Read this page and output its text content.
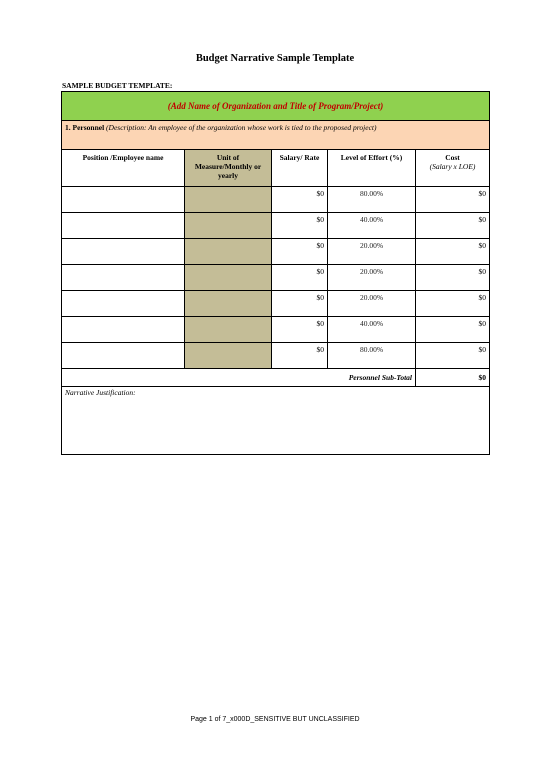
Budget Narrative Sample Template
SAMPLE BUDGET TEMPLATE:
(Add Name of Organization and Title of Program/Project)				
1. Personnel (Description: An employee of the organization whose work is tied to the proposed project)				
Position /Employee name	Unit of Measure/Monthly or yearly	Salary/ Rate	Level of Effort (%)	Cost
(Salary x LOE)

		$0	80.00%	$0
		$0	40.00%	$0
		$0	20.00%	$0
		$0	20.00%	$0
		$0	20.00%	$0
		$0	40.00%	$0
		$0	80.00%	$0
Personnel Sub-Total				$0
Narrative Justification:				
Page 1 of 7_x000D_SENSITIVE BUT UNCLASSIFIED
